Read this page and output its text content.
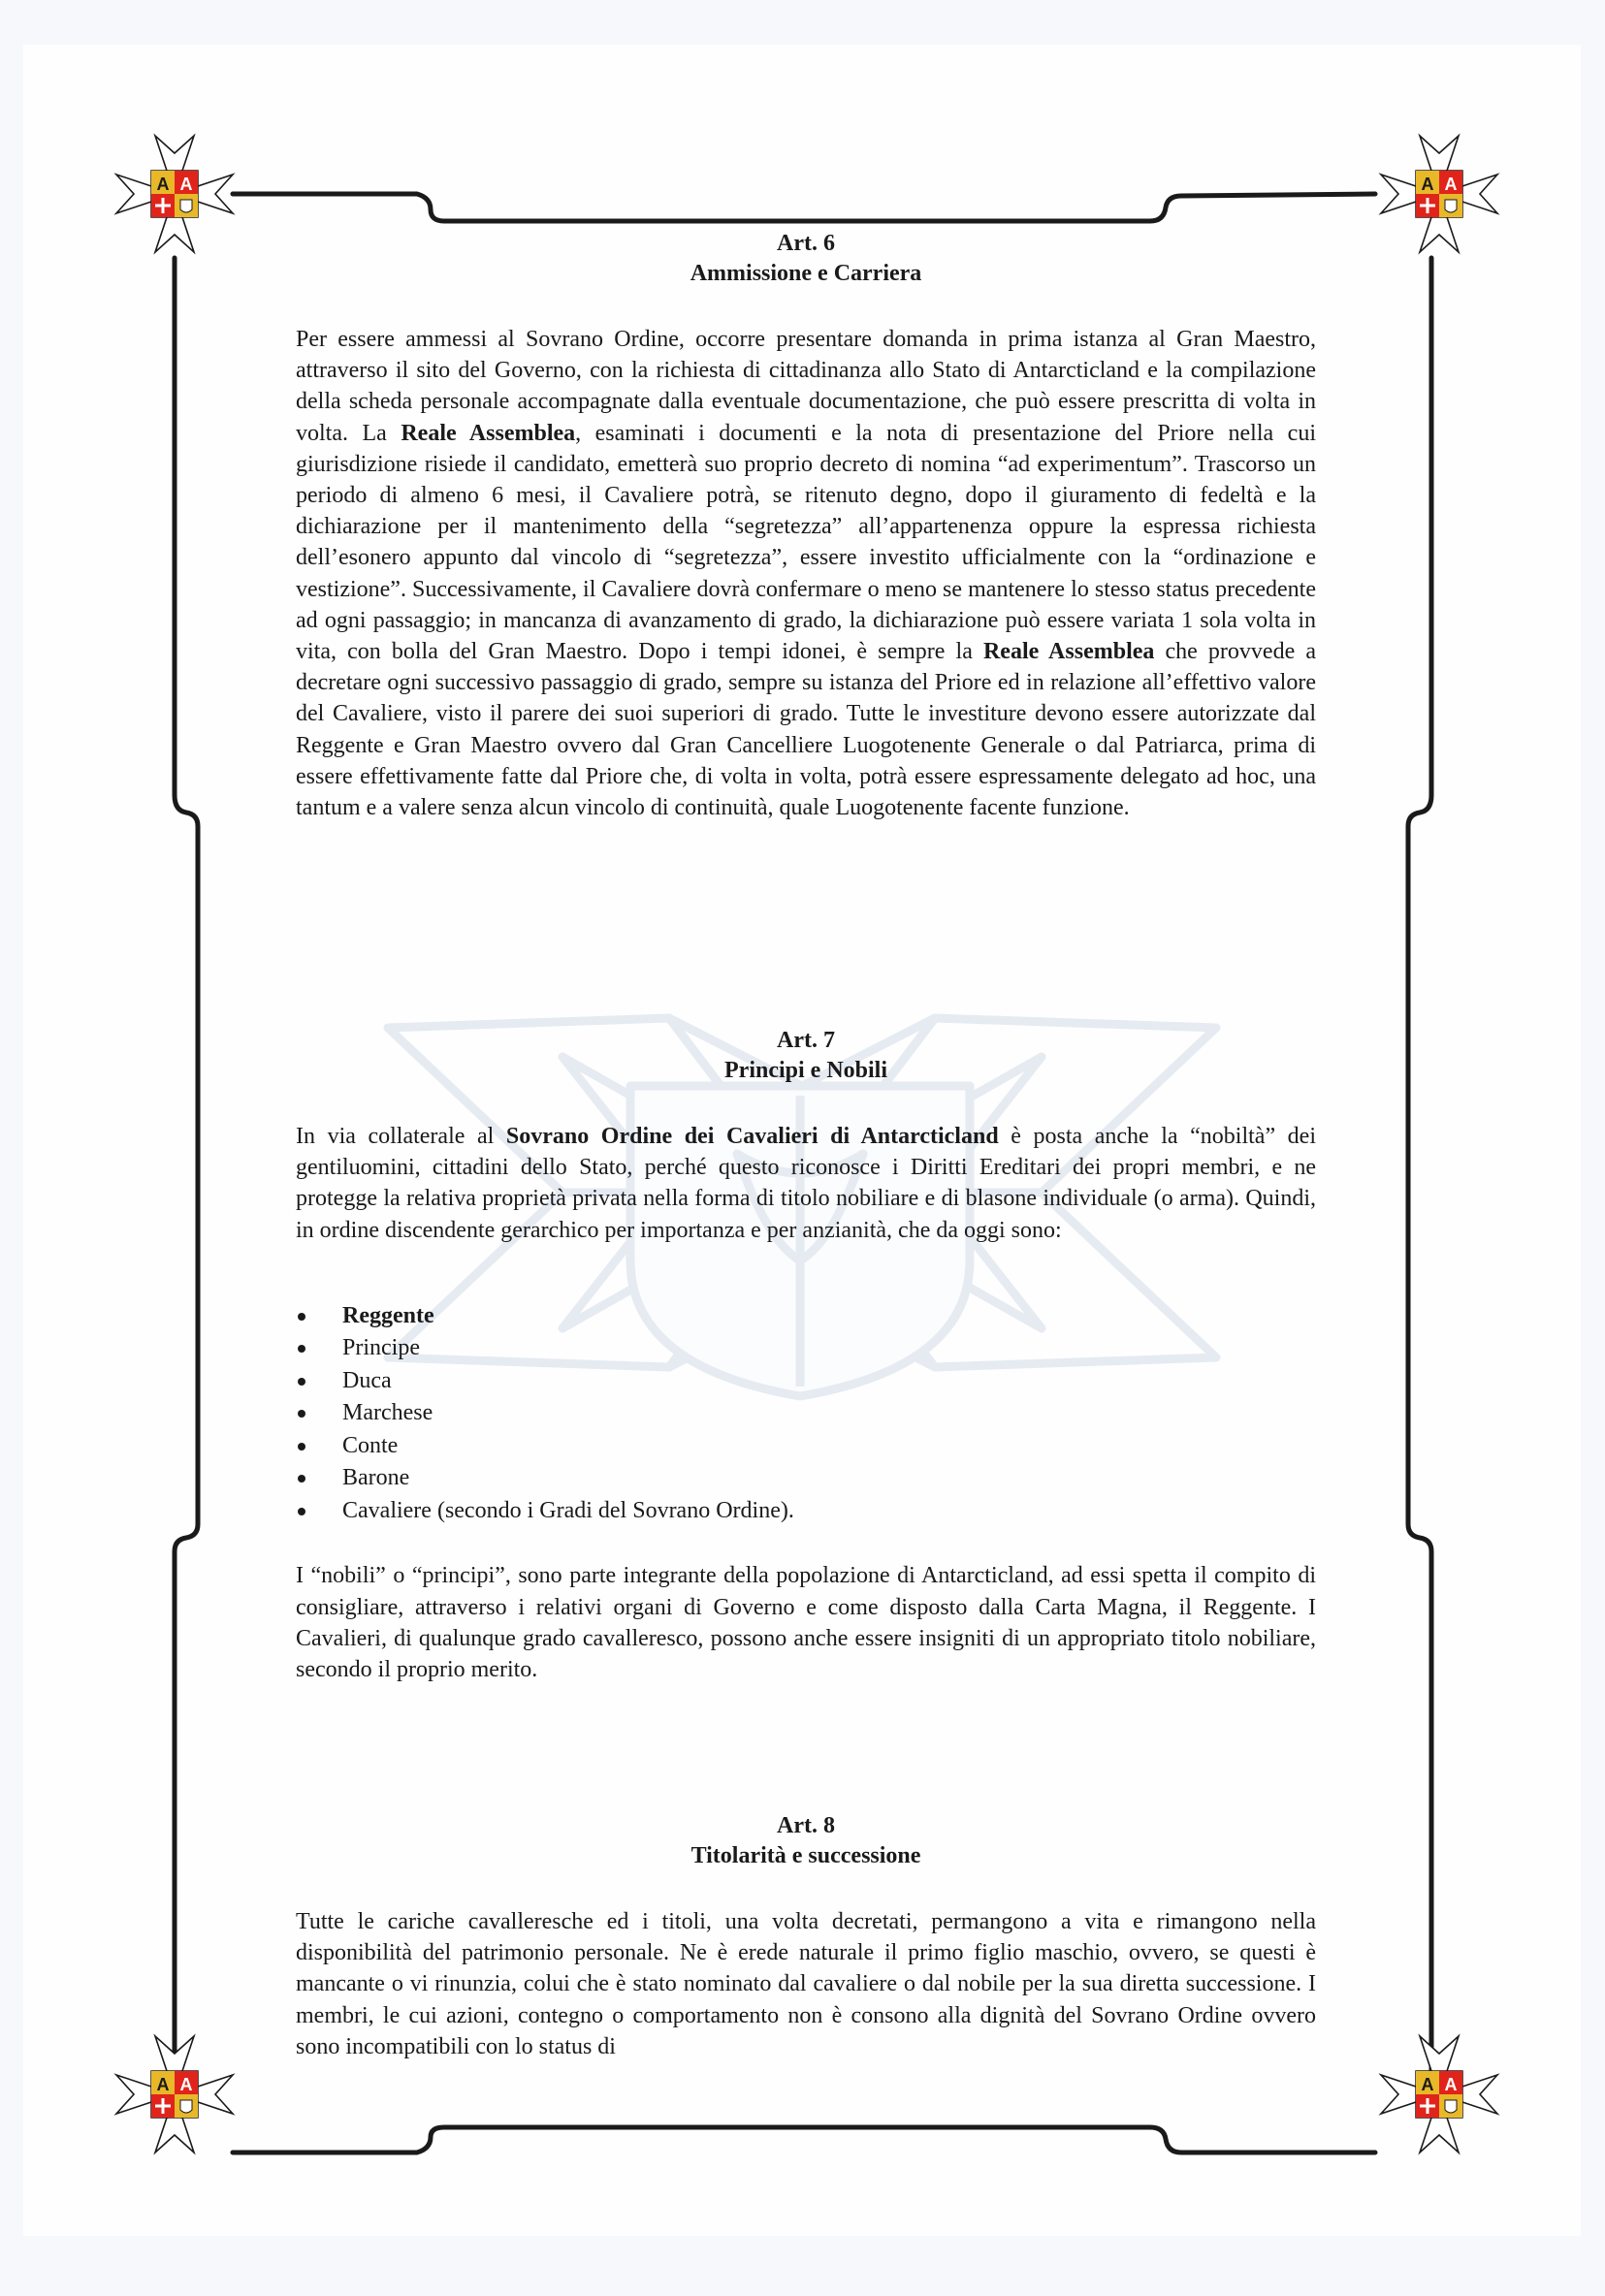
A A	A A
A A	A A
Art. 6
Ammissione e Carriera

Per essere ammessi al Sovrano Ordine, occorre presentare domanda in prima istanza al Gran Maestro, attraverso il sito del Governo, con la richiesta di cittadinanza allo Stato di Antarcticland e la compilazione della scheda personale accompagnate dalla eventuale documentazione, che può essere prescritta di volta in volta. La Reale Assemblea, esaminati i documenti e la nota di presentazione del Priore nella cui giurisdizione risiede il candidato, emetterà suo proprio decreto di nomina “ad experimentum”. Trascorso un periodo di almeno 6 mesi, il Cavaliere potrà, se ritenuto degno, dopo il giuramento di fedeltà e la dichiarazione per il mantenimento della “segretezza” all’appartenenza oppure la espressa richiesta dell’esonero appunto dal vincolo di “segretezza”, essere investito ufficialmente con la “ordinazione e vestizione”. Successivamente, il Cavaliere dovrà confermare o meno se mantenere lo stesso status precedente ad ogni passaggio; in mancanza di avanzamento di grado, la dichiarazione può essere variata 1 sola volta in vita, con bolla del Gran Maestro. Dopo i tempi idonei, è sempre la Reale Assemblea che provvede a decretare ogni successivo passaggio di grado, sempre su istanza del Priore ed in relazione all’effettivo valore del Cavaliere, visto il parere dei suoi superiori di grado. Tutte le investiture devono essere autorizzate dal Reggente e Gran Maestro ovvero dal Gran Cancelliere Luogotenente Generale o dal Patriarca, prima di essere effettivamente fatte dal Priore che, di volta in volta, potrà essere espressamente delegato ad hoc, una tantum e a valere senza alcun vincolo di continuità, quale Luogotenente facente funzione.

Art. 7
Principi e Nobili

In via collaterale al Sovrano Ordine dei Cavalieri di Antarcticland è posta anche la “nobiltà” dei gentiluomini, cittadini dello Stato, perché questo riconosce i Diritti Ereditari dei propri membri, e ne protegge la relativa proprietà privata nella forma di titolo nobiliare e di blasone individuale (o arma). Quindi, in ordine discendente gerarchico per importanza e per anzianità, che da oggi sono:

Reggente
Principe
Duca
Marchese
Conte
Barone
Cavaliere (secondo i Gradi del Sovrano Ordine).

I “nobili” o “principi”, sono parte integrante della popolazione di Antarcticland, ad essi spetta il compito di consigliare, attraverso i relativi organi di Governo e come disposto dalla Carta Magna, il Reggente. I Cavalieri, di qualunque grado cavalleresco, possono anche essere insigniti di un appropriato titolo nobiliare, secondo il proprio merito.

Art. 8
Titolarità e successione

Tutte le cariche cavalleresche ed i titoli, una volta decretati, permangono a vita e rimangono nella disponibilità del patrimonio personale. Ne è erede naturale il primo figlio maschio, ovvero, se questi è mancante o vi rinunzia, colui che è stato nominato dal cavaliere o dal nobile per la sua diretta successione. I membri, le cui azioni, contegno o comportamento non è consono alla dignità del Sovrano Ordine ovvero sono incompatibili con lo status di
